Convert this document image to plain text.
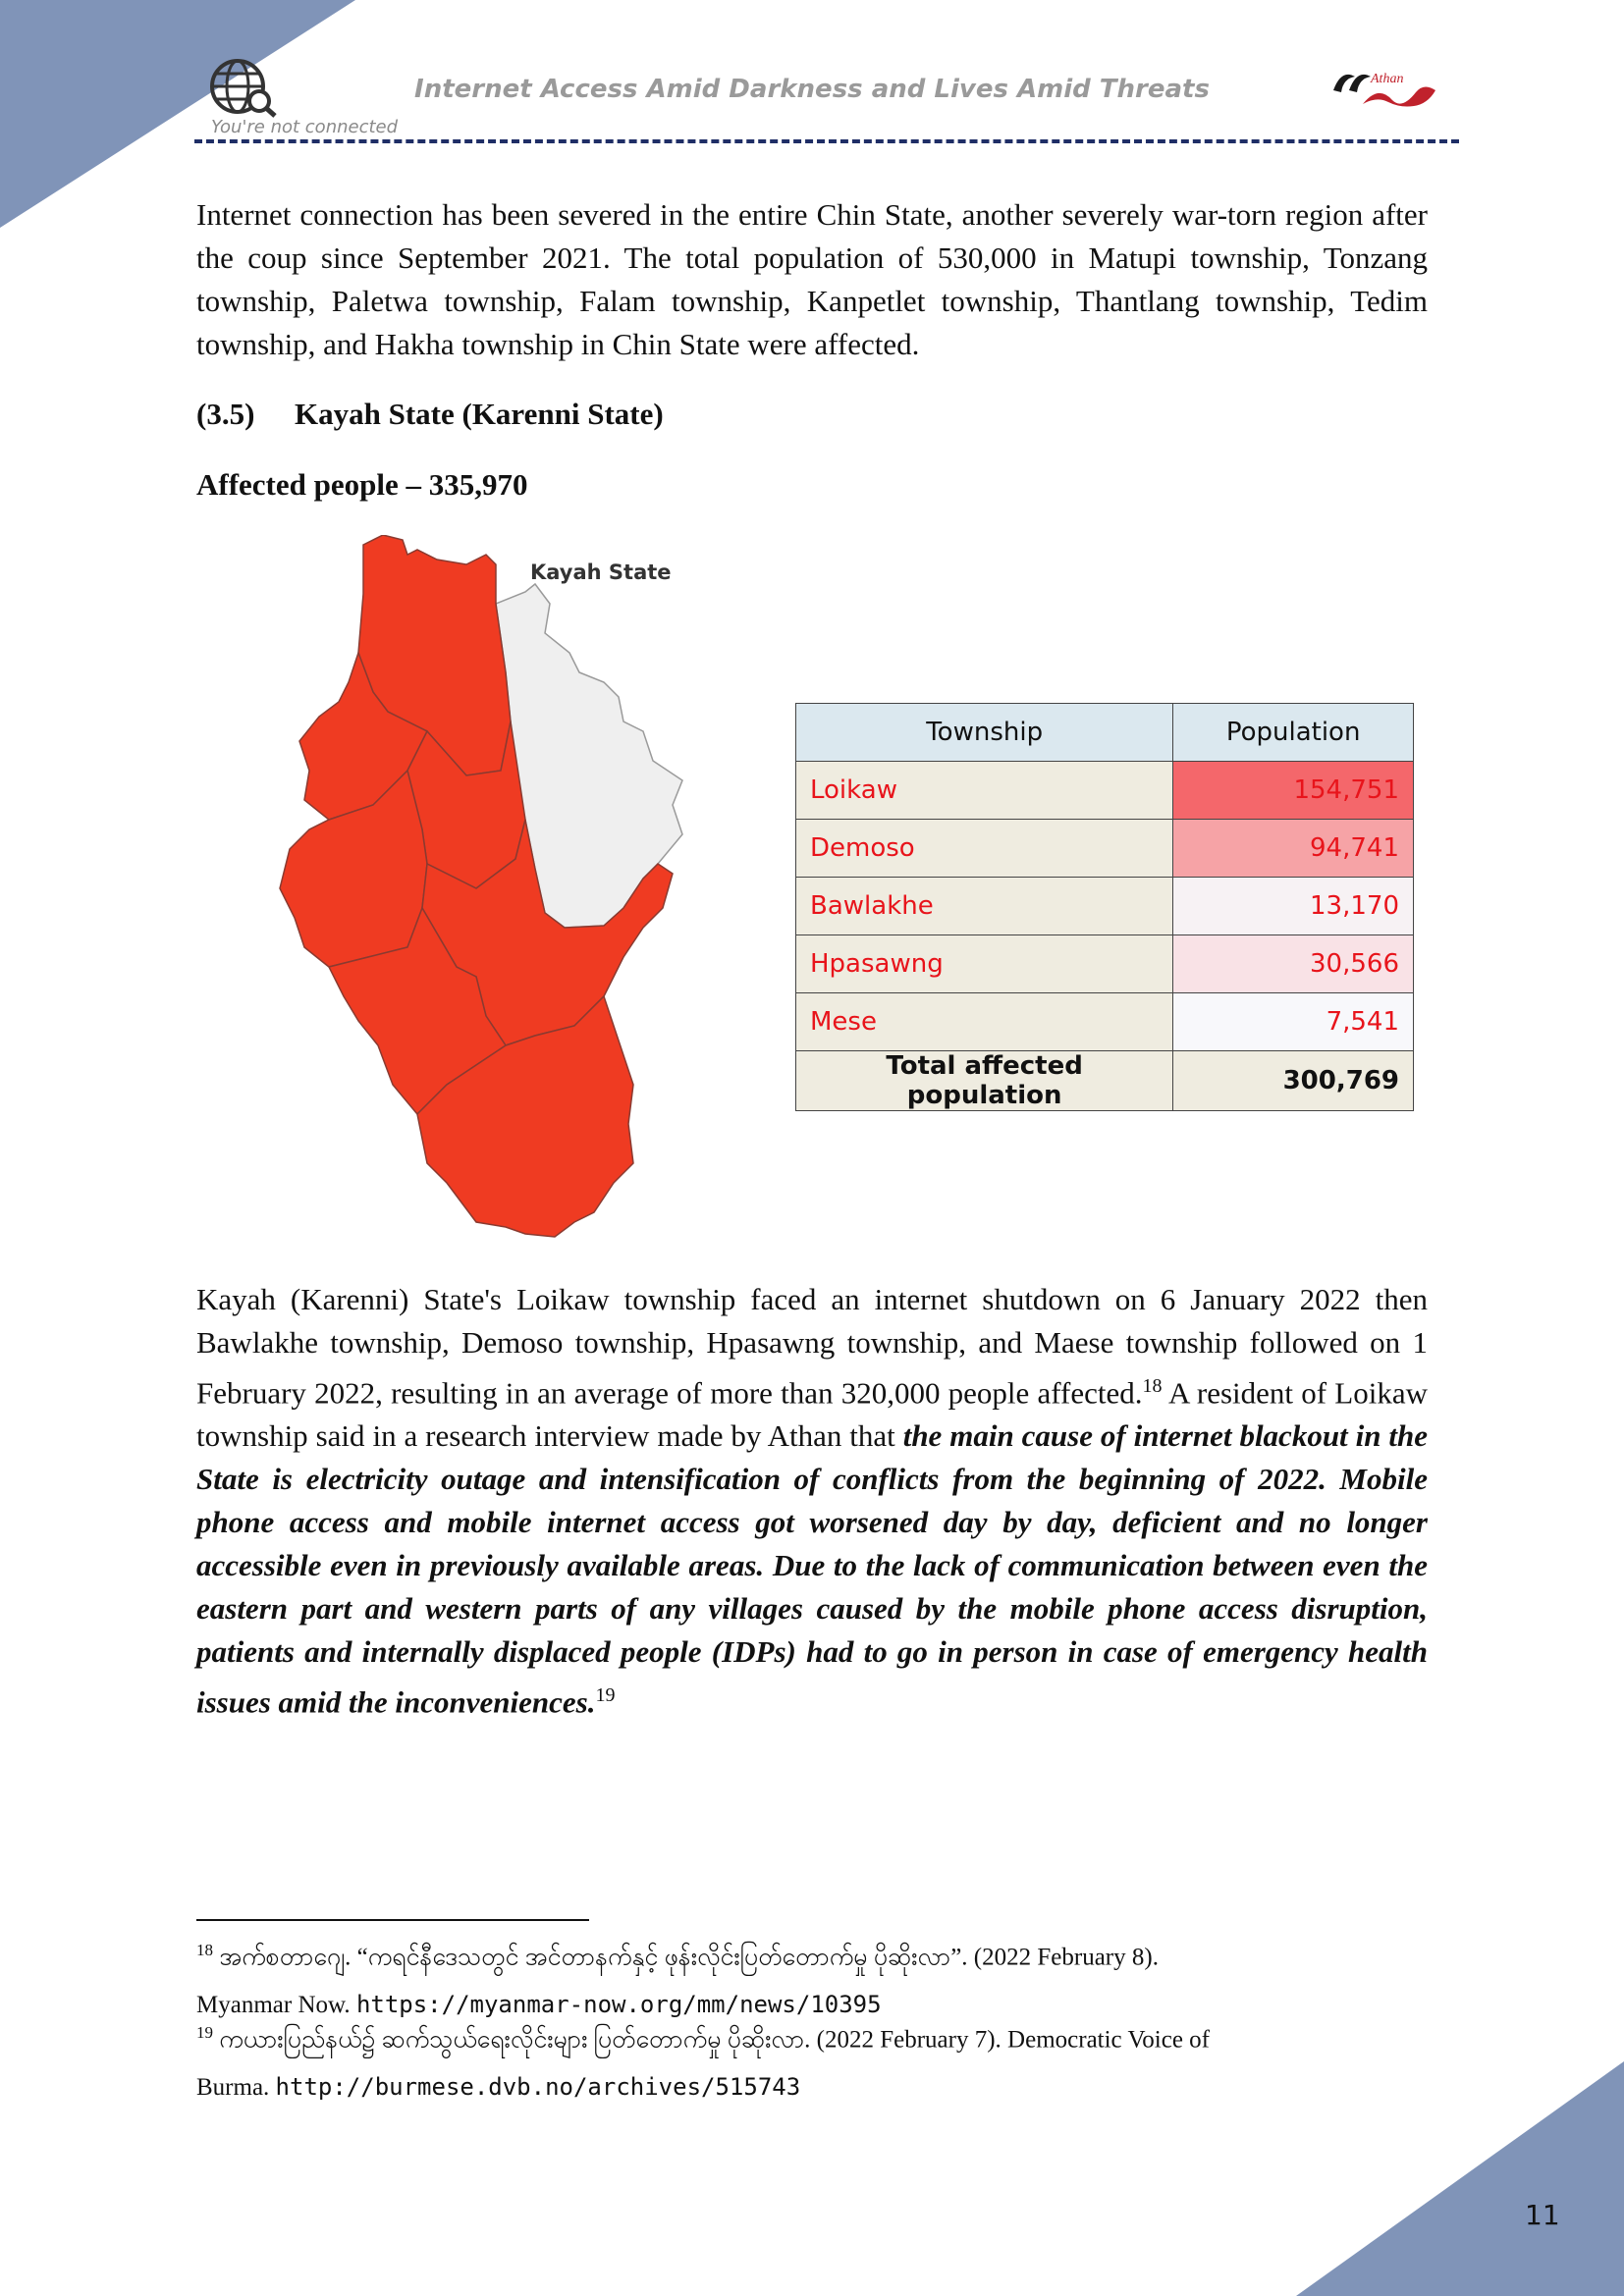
Internet Access Amid Darkness and Lives Amid Threats
You're not connected
Athan

Internet connection has been severed in the entire Chin State, another severely war-torn region after the coup since September 2021. The total population of 530,000 in Matupi township, Tonzang township, Paletwa township, Falam township, Kanpetlet township, Thantlang township, Tedim township, and Hakha township in Chin State were affected.

(3.5) Kayah State (Karenni State)
Affected people – 335,970
Kayah State
Township	Population
Loikaw	154,751
Demoso	94,741
Bawlakhe	13,170
Hpasawng	30,566
Mese	7,541
Total affected population	300,769

Kayah (Karenni) State's Loikaw township faced an internet shutdown on 6 January 2022 then Bawlakhe township, Demoso township, Hpasawng township, and Maese township followed on 1 February 2022, resulting in an average of more than 320,000 people affected.$^{18}$ A resident of Loikaw township said in a research interview made by Athan that the main cause of internet blackout in the State is electricity outage and intensification of conflicts from the beginning of 2022. Mobile phone access and mobile internet access got worsened day by day, deficient and no longer accessible even in previously available areas. Due to the lack of communication between even the eastern part and western parts of any villages caused by the mobile phone access disruption, patients and internally displaced people (IDPs) had to go in person in case of emergency health issues amid the inconveniences.$^{19}$

$^{18}$ အက်စတာဂျေ. “ကရင်နီဒေသတွင် အင်တာနက်နှင့် ဖုန်းလိုင်းပြတ်တောက်မှု ပိုဆိုးလာ”. (2022 February 8).
Myanmar Now. https://myanmar-now.org/mm/news/10395
$^{19}$ ကယားပြည်နယ်၌ ဆက်သွယ်ရေးလိုင်းများ ပြတ်တောက်မှု ပိုဆိုးလာ. (2022 February 7). Democratic Voice of
Burma. http://burmese.dvb.no/archives/515743
11
